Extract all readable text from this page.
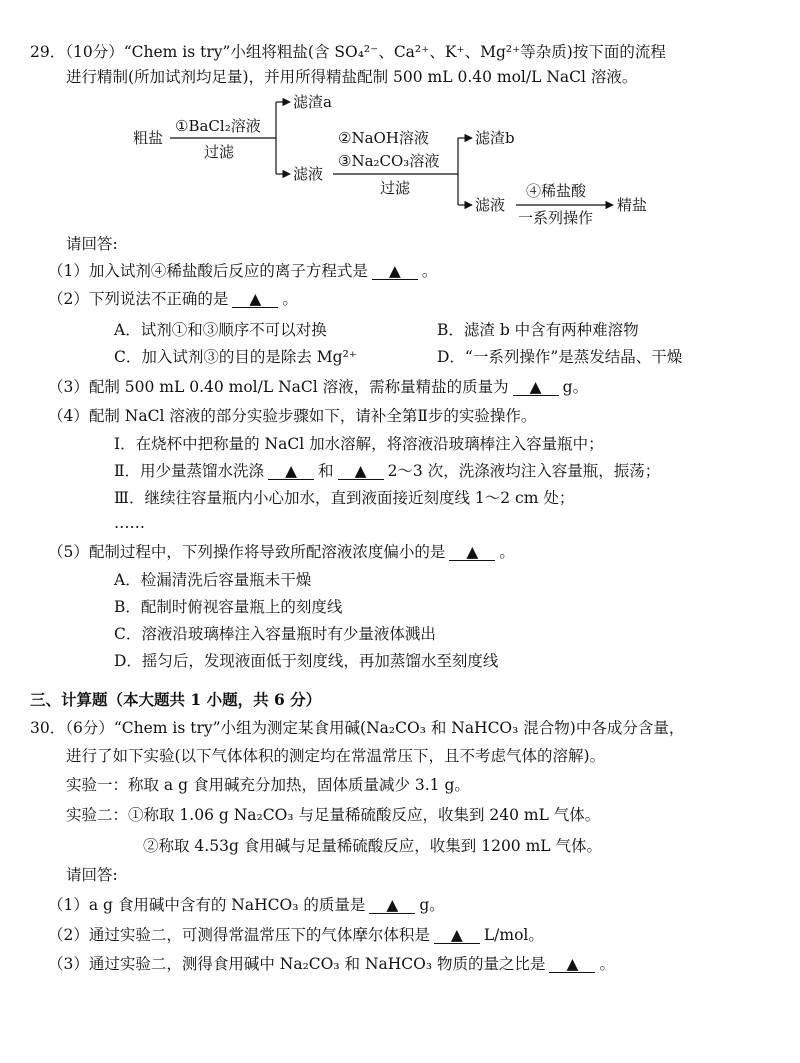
29．（10分）“Chem is try”小组将粗盐(含 SO₄²⁻、Ca²⁺、K⁺、Mg²⁺等杂质)按下面的流程
进行精制(所加试剂均足量)，并用所得精盐配制 500 mL 0.40 mol/L NaCl 溶液。
粗盐
①BaCl₂溶液
过滤
滤渣a
滤液
②NaOH溶液
③Na₂CO₃溶液
过滤
滤渣b
滤液
④稀盐酸
一系列操作
精盐
请回答:
（1）加入试剂④稀盐酸后反应的离子方程式是 ▲ 。
（2）下列说法不正确的是 ▲ 。
A．试剂①和③顺序不可以对换	B．滤渣 b 中含有两种难溶物
C．加入试剂③的目的是除去 Mg²⁺	D．“一系列操作”是蒸发结晶、干燥
（3）配制 500 mL 0.40 mol/L NaCl 溶液，需称量精盐的质量为 ▲ g。
（4）配制 NaCl 溶液的部分实验步骤如下，请补全第Ⅱ步的实验操作。
Ⅰ．在烧杯中把称量的 NaCl 加水溶解，将溶液沿玻璃棒注入容量瓶中；
Ⅱ．用少量蒸馏水洗涤 ▲ 和 ▲ 2～3 次，洗涤液均注入容量瓶，振荡；
Ⅲ．继续往容量瓶内小心加水，直到液面接近刻度线 1～2 cm 处；
……
（5）配制过程中，下列操作将导致所配溶液浓度偏小的是 ▲ 。
A．检漏清洗后容量瓶未干燥
B．配制时俯视容量瓶上的刻度线
C．溶液沿玻璃棒注入容量瓶时有少量液体溅出
D．摇匀后，发现液面低于刻度线，再加蒸馏水至刻度线
三、计算题（本大题共 1 小题，共 6 分）
30．（6分）“Chem is try”小组为测定某食用碱(Na₂CO₃ 和 NaHCO₃ 混合物)中各成分含量，
进行了如下实验(以下气体体积的测定均在常温常压下，且不考虑气体的溶解)。
实验一：称取 a g 食用碱充分加热，固体质量减少 3.1 g。
实验二：①称取 1.06 g Na₂CO₃ 与足量稀硫酸反应，收集到 240 mL 气体。
②称取 4.53g 食用碱与足量稀硫酸反应，收集到 1200 mL 气体。
请回答:
（1）a g 食用碱中含有的 NaHCO₃ 的质量是 ▲ g。
（2）通过实验二，可测得常温常压下的气体摩尔体积是 ▲ L/mol。
（3）通过实验二，测得食用碱中 Na₂CO₃ 和 NaHCO₃ 物质的量之比是 ▲ 。
